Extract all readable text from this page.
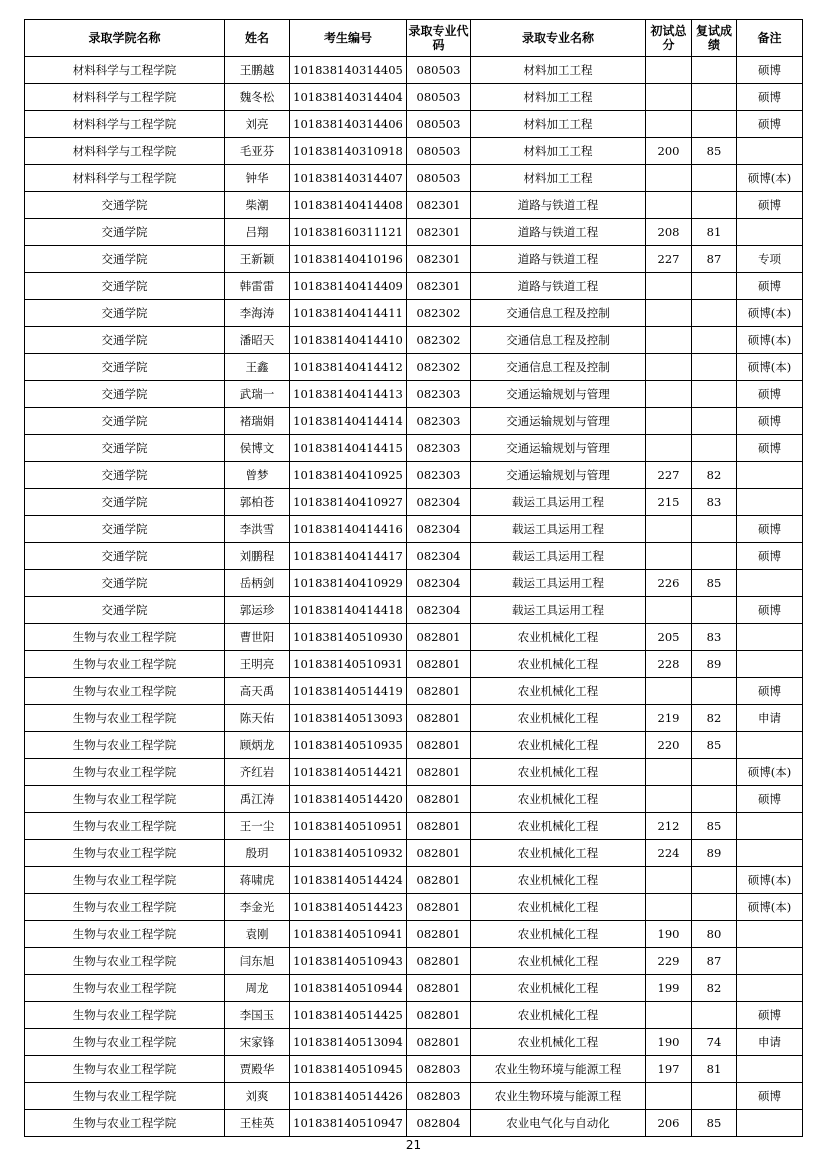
录取学院名称	姓名	考生编号	录取专业代码	录取专业名称	初试总分	复试成绩	备注
材料科学与工程学院	王鹏越	101838140314405	080503	材料加工工程			硕博
材料科学与工程学院	魏冬松	101838140314404	080503	材料加工工程			硕博
材料科学与工程学院	刘亮	101838140314406	080503	材料加工工程			硕博
材料科学与工程学院	毛亚芬	101838140310918	080503	材料加工工程	200	85	
材料科学与工程学院	钟华	101838140314407	080503	材料加工工程			硕博(本)
交通学院	柴潮	101838140414408	082301	道路与铁道工程			硕博
交通学院	吕翔	101838160311121	082301	道路与铁道工程	208	81	
交通学院	王新颖	101838140410196	082301	道路与铁道工程	227	87	专项
交通学院	韩雷雷	101838140414409	082301	道路与铁道工程			硕博
交通学院	李海涛	101838140414411	082302	交通信息工程及控制			硕博(本)
交通学院	潘昭天	101838140414410	082302	交通信息工程及控制			硕博(本)
交通学院	王鑫	101838140414412	082302	交通信息工程及控制			硕博(本)
交通学院	武瑞一	101838140414413	082303	交通运输规划与管理			硕博
交通学院	褚瑞娟	101838140414414	082303	交通运输规划与管理			硕博
交通学院	侯博文	101838140414415	082303	交通运输规划与管理			硕博
交通学院	曾梦	101838140410925	082303	交通运输规划与管理	227	82	
交通学院	郭柏苍	101838140410927	082304	载运工具运用工程	215	83	
交通学院	李洪雪	101838140414416	082304	载运工具运用工程			硕博
交通学院	刘鹏程	101838140414417	082304	载运工具运用工程			硕博
交通学院	岳柄剑	101838140410929	082304	载运工具运用工程	226	85	
交通学院	郭运珍	101838140414418	082304	载运工具运用工程			硕博
生物与农业工程学院	曹世阳	101838140510930	082801	农业机械化工程	205	83	
生物与农业工程学院	王明亮	101838140510931	082801	农业机械化工程	228	89	
生物与农业工程学院	高天禹	101838140514419	082801	农业机械化工程			硕博
生物与农业工程学院	陈天佑	101838140513093	082801	农业机械化工程	219	82	申请
生物与农业工程学院	顾炳龙	101838140510935	082801	农业机械化工程	220	85	
生物与农业工程学院	齐红岩	101838140514421	082801	农业机械化工程			硕博(本)
生物与农业工程学院	禹江涛	101838140514420	082801	农业机械化工程			硕博
生物与农业工程学院	王一尘	101838140510951	082801	农业机械化工程	212	85	
生物与农业工程学院	殷玥	101838140510932	082801	农业机械化工程	224	89	
生物与农业工程学院	蒋啸虎	101838140514424	082801	农业机械化工程			硕博(本)
生物与农业工程学院	李金光	101838140514423	082801	农业机械化工程			硕博(本)
生物与农业工程学院	袁刚	101838140510941	082801	农业机械化工程	190	80	
生物与农业工程学院	闫东旭	101838140510943	082801	农业机械化工程	229	87	
生物与农业工程学院	周龙	101838140510944	082801	农业机械化工程	199	82	
生物与农业工程学院	李国玉	101838140514425	082801	农业机械化工程			硕博
生物与农业工程学院	宋家锋	101838140513094	082801	农业机械化工程	190	74	申请
生物与农业工程学院	贾殿华	101838140510945	082803	农业生物环境与能源工程	197	81	
生物与农业工程学院	刘爽	101838140514426	082803	农业生物环境与能源工程			硕博
生物与农业工程学院	王桂英	101838140510947	082804	农业电气化与自动化	206	85	
21
